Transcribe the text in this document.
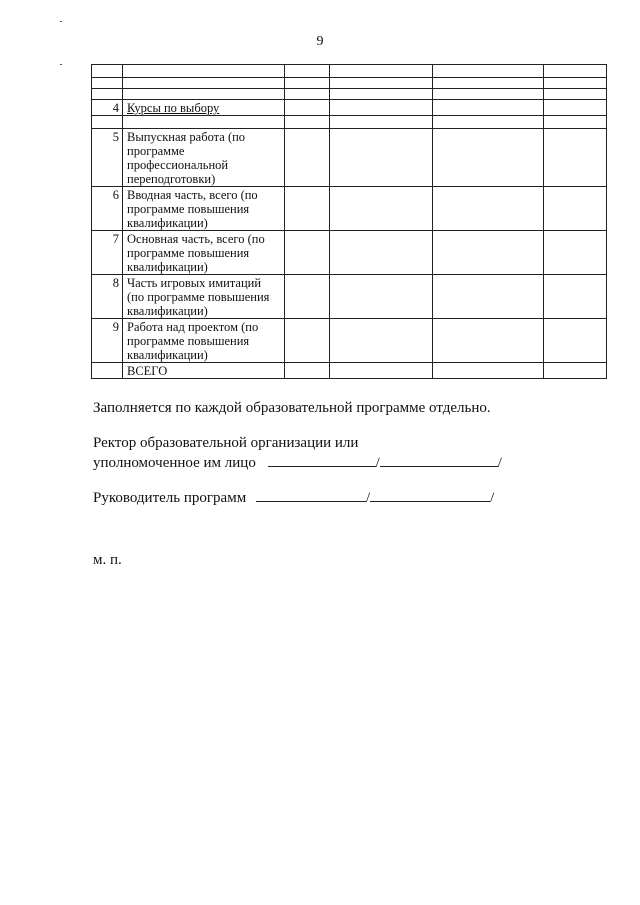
9

4	Курсы по выбору				

5	Выпускная работа (по программе профессиональной переподготовки)				
6	Вводная часть, всего (по программе повышения квалификации)				
7	Основная часть, всего (по программе повышения квалификации)				
8	Часть игровых имитаций (по программе повышения квалификации)				
9	Работа над проектом (по программе повышения квалификации)				
	ВСЕГО				
Заполняется по каждой образовательной программе отдельно.
Ректор образовательной организации или
уполномоченное им лицо	/	/
Руководитель программ	/	/
м. п.
